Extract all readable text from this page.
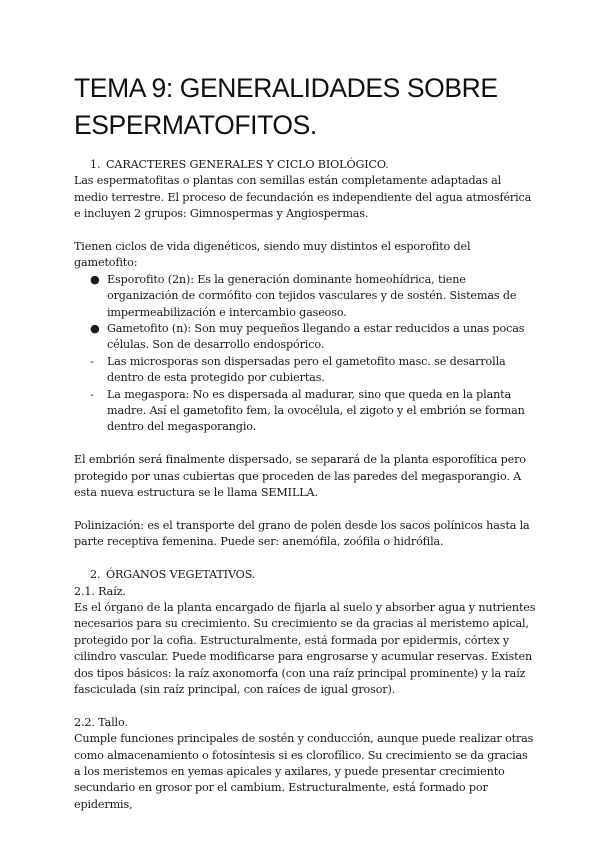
TEMA 9: GENERALIDADES SOBRE ESPERMATOFITOS.

1. CARACTERES GENERALES Y CICLO BIOLÓGICO.

Las espermatofitas o plantas con semillas están completamente adaptadas al medio terrestre. El proceso de fecundación es independiente del agua atmosférica e incluyen 2 grupos: Gimnospermas y Angiospermas.

Tienen ciclos de vida digenéticos, siendo muy distintos el esporofito del gametofito:

● Esporofito (2n): Es la generación dominante homeohídrica, tiene organización de cormófito con tejidos vasculares y de sostén. Sistemas de impermeabilización e intercambio gaseoso.
● Gametofito (n): Son muy pequeños llegando a estar reducidos a unas pocas células. Son de desarrollo endospórico.
-	Las microsporas son dispersadas pero el gametofito masc. se desarrolla dentro de esta protegido por cubiertas.
-	La megaspora: No es dispersada al madurar, sino que queda en la planta madre. Así el gametofito fem, la ovocélula, el zigoto y el embrión se forman dentro del megasporangio.

El embrión será finalmente dispersado, se separará de la planta esporofítica pero protegido por unas cubiertas que proceden de las paredes del megasporangio. A esta nueva estructura se le llama SEMILLA.

Polinización: es el transporte del grano de polen desde los sacos polínicos hasta la parte receptiva femenina. Puede ser: anemófila, zoófila o hidrófila.

2. ÓRGANOS VEGETATIVOS.

2.1. Raíz.

Es el órgano de la planta encargado de fijarla al suelo y absorber agua y nutrientes necesarios para su crecimiento. Su crecimiento se da gracias al meristemo apical, protegido por la cofia. Estructuralmente, está formada por epidermis, córtex y cilindro vascular. Puede modificarse para engrosarse y acumular reservas. Existen dos tipos básicos: la raíz axonomorfa (con una raíz principal prominente) y la raíz fasciculada (sin raíz principal, con raíces de igual grosor).

2.2. Tallo.

Cumple funciones principales de sostén y conducción, aunque puede realizar otras como almacenamiento o fotosíntesis si es clorofílico. Su crecimiento se da gracias a los meristemos en yemas apicales y axilares, y puede presentar crecimiento secundario en grosor por el cambium. Estructuralmente, está formado por epidermis,
